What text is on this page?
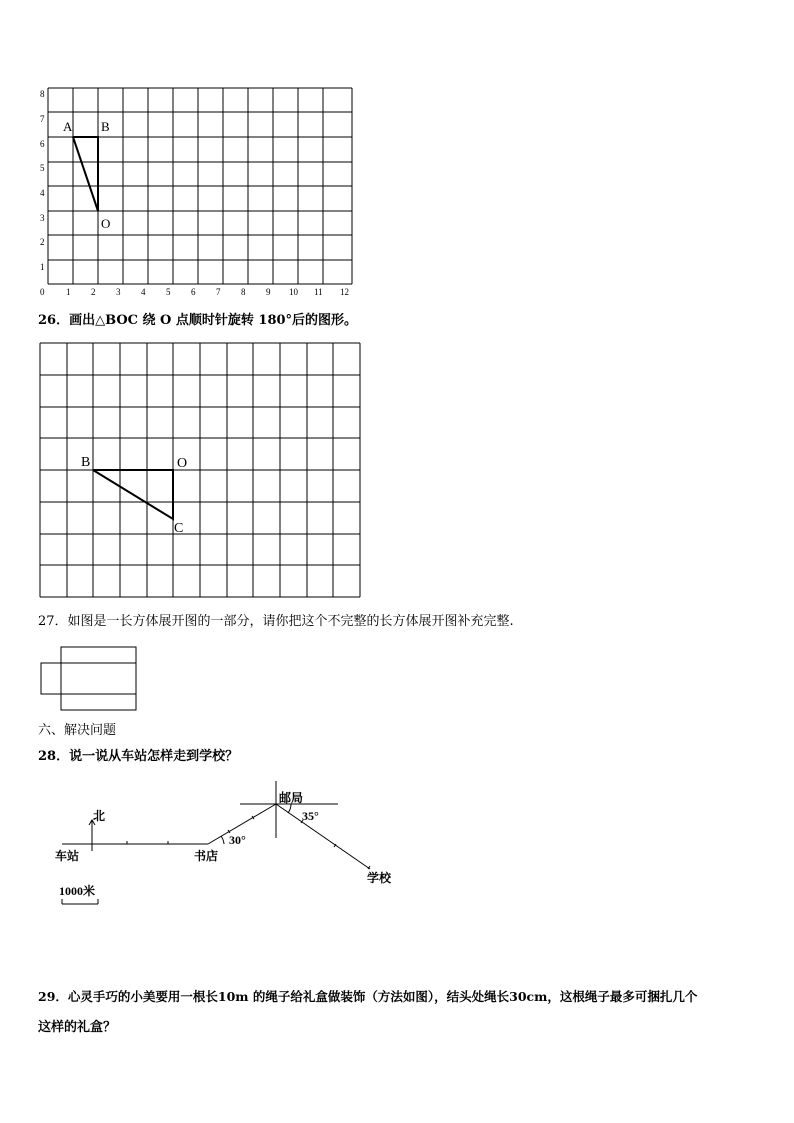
A B
O
1
2
3
4
5
6
7
8
0 1 2 3 4 5 6 7 8 9 10 11 12
26．画出△BOC 绕 O 点顺时针旋转 180°后的图形。
B	O
C
27．如图是一长方体展开图的一部分，请你把这个不完整的长方体展开图补充完整.
六、解决问题
28．说一说从车站怎样走到学校？
北
车站	书店
邮局
学校
30°
35°
1000米
29．心灵手巧的小美要用一根长10m 的绳子给礼盒做装饰（方法如图），结头处绳长30cm，这根绳子最多可捆扎几个
这样的礼盒？
